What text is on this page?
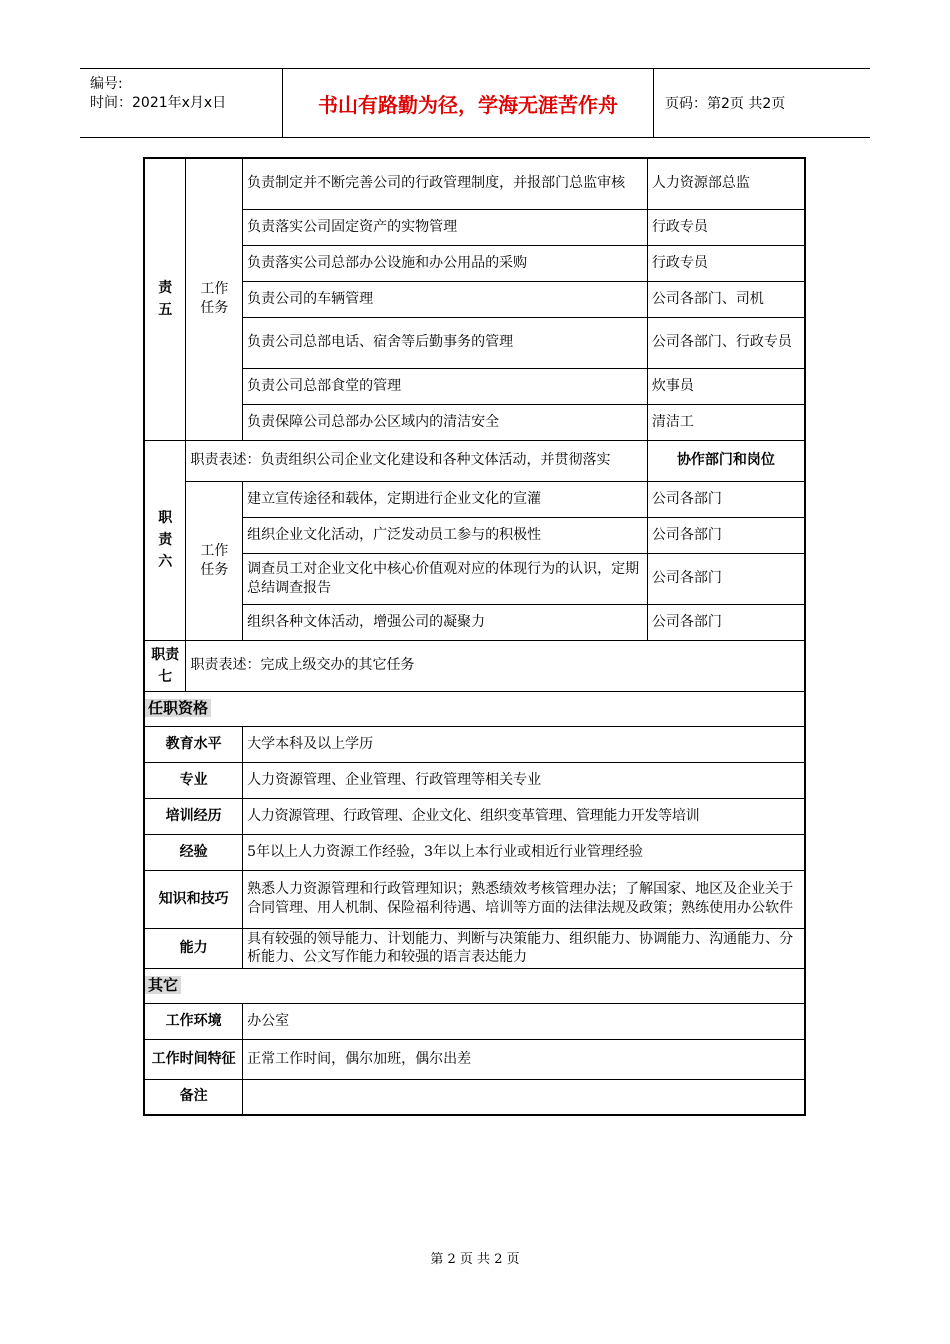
编号:
时间：2021年x月x日	书山有路勤为径，学海无涯苦作舟	页码：第2页 共2页
责五	工作任务	负责制定并不断完善公司的行政管理制度，并报部门总监审核	人力资源部总监
		负责落实公司固定资产的实物管理	行政专员
		负责落实公司总部办公设施和办公用品的采购	行政专员
		负责公司的车辆管理	公司各部门、司机
		负责公司总部电话、宿舍等后勤事务的管理	公司各部门、行政专员
		负责公司总部食堂的管理	炊事员
		负责保障公司总部办公区域内的清洁安全	清洁工

职责六	职责表述：负责组织公司企业文化建设和各种文体活动，并贯彻落实		协作部门和岗位

	工作任务	建立宣传途径和载体，定期进行企业文化的宣灌	公司各部门
		组织企业文化活动，广泛发动员工参与的积极性	公司各部门
		调查员工对企业文化中核心价值观对应的体现行为的认识，定期总结调查报告	公司各部门
		组织各种文体活动，增强公司的凝聚力	公司各部门

职责七	职责表述：完成上级交办的其它任务		
任职资格			
教育水平		大学本科及以上学历	
专业		人力资源管理、企业管理、行政管理等相关专业	
培训经历		人力资源管理、行政管理、企业文化、组织变革管理、管理能力开发等培训	
经验		5年以上人力资源工作经验，3年以上本行业或相近行业管理经验	
知识和技巧		熟悉人力资源管理和行政管理知识；熟悉绩效考核管理办法；了解国家、地区及企业关于合同管理、用人机制、保险福利待遇、培训等方面的法律法规及政策；熟练使用办公软件	
能力		具有较强的领导能力、计划能力、判断与决策能力、组织能力、协调能力、沟通能力、分析能力、公文写作能力和较强的语言表达能力	
其它			
工作环境		办公室	
工作时间特征		正常工作时间，偶尔加班，偶尔出差	
备注			
第 2 页 共 2 页
